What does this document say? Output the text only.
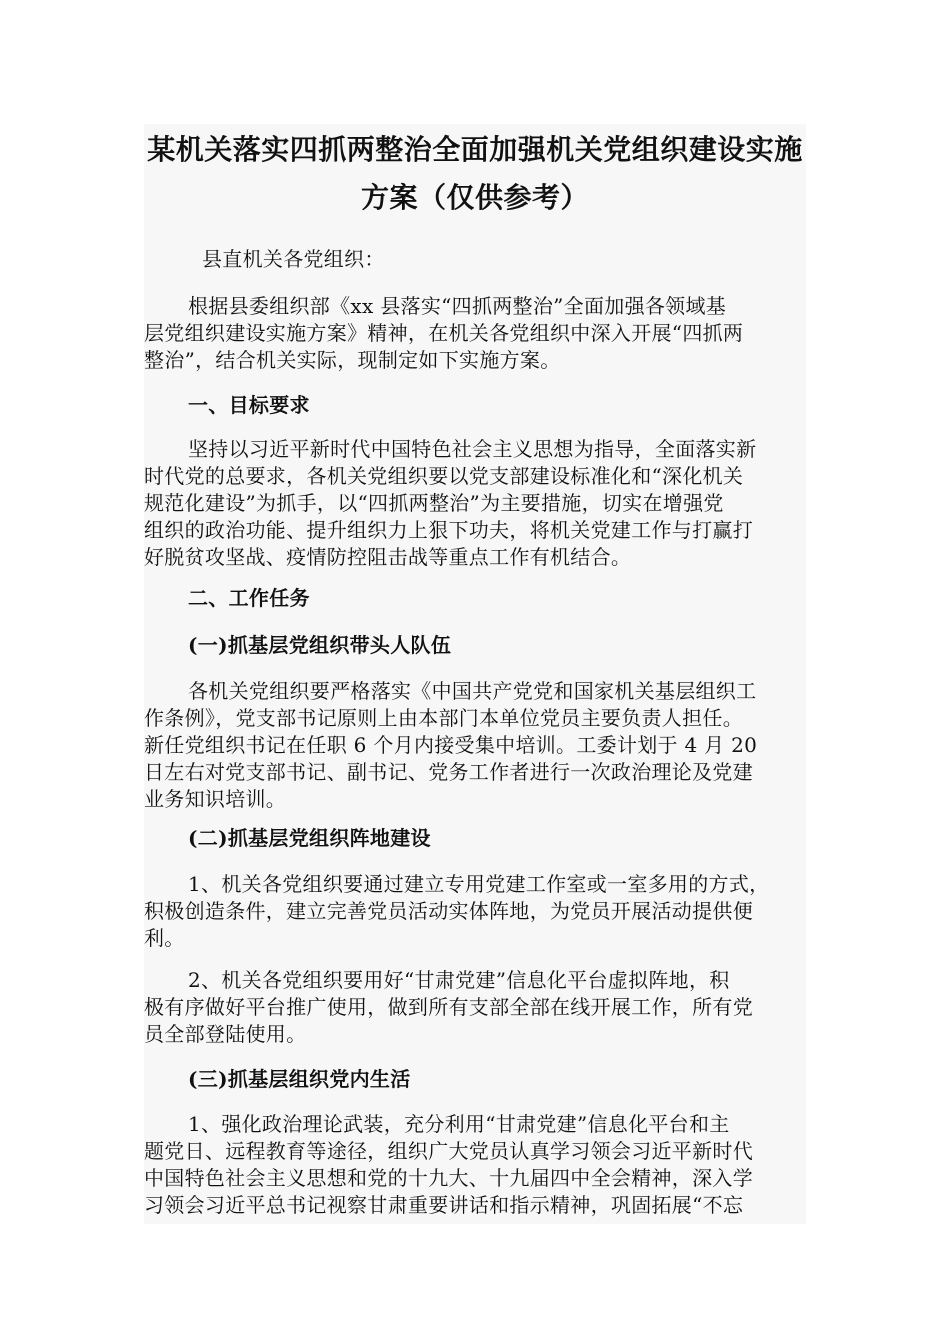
某机关落实四抓两整治全面加强机关党组织建设实施
方案（仅供参考）

县直机关各党组织：

根据县委组织部《xx 县落实“四抓两整治”全面加强各领域基
层党组织建设实施方案》精神，在机关各党组织中深入开展“四抓两
整治”，结合机关实际，现制定如下实施方案。

一、目标要求

坚持以习近平新时代中国特色社会主义思想为指导，全面落实新
时代党的总要求，各机关党组织要以党支部建设标准化和“深化机关
规范化建设”为抓手，以“四抓两整治”为主要措施，切实在增强党
组织的政治功能、提升组织力上狠下功夫，将机关党建工作与打赢打
好脱贫攻坚战、疫情防控阻击战等重点工作有机结合。

二、工作任务

(一)抓基层党组织带头人队伍

各机关党组织要严格落实《中国共产党党和国家机关基层组织工
作条例》，党支部书记原则上由本部门本单位党员主要负责人担任。
新任党组织书记在任职 6 个月内接受集中培训。工委计划于 4 月 20
日左右对党支部书记、副书记、党务工作者进行一次政治理论及党建
业务知识培训。

(二)抓基层党组织阵地建设

1、机关各党组织要通过建立专用党建工作室或一室多用的方式，
积极创造条件，建立完善党员活动实体阵地，为党员开展活动提供便
利。

2、机关各党组织要用好“甘肃党建”信息化平台虚拟阵地，积
极有序做好平台推广使用，做到所有支部全部在线开展工作，所有党
员全部登陆使用。

(三)抓基层组织党内生活

1、强化政治理论武装，充分利用“甘肃党建”信息化平台和主
题党日、远程教育等途径，组织广大党员认真学习领会习近平新时代
中国特色社会主义思想和党的十九大、十九届四中全会精神，深入学
习领会习近平总书记视察甘肃重要讲话和指示精神，巩固拓展“不忘
